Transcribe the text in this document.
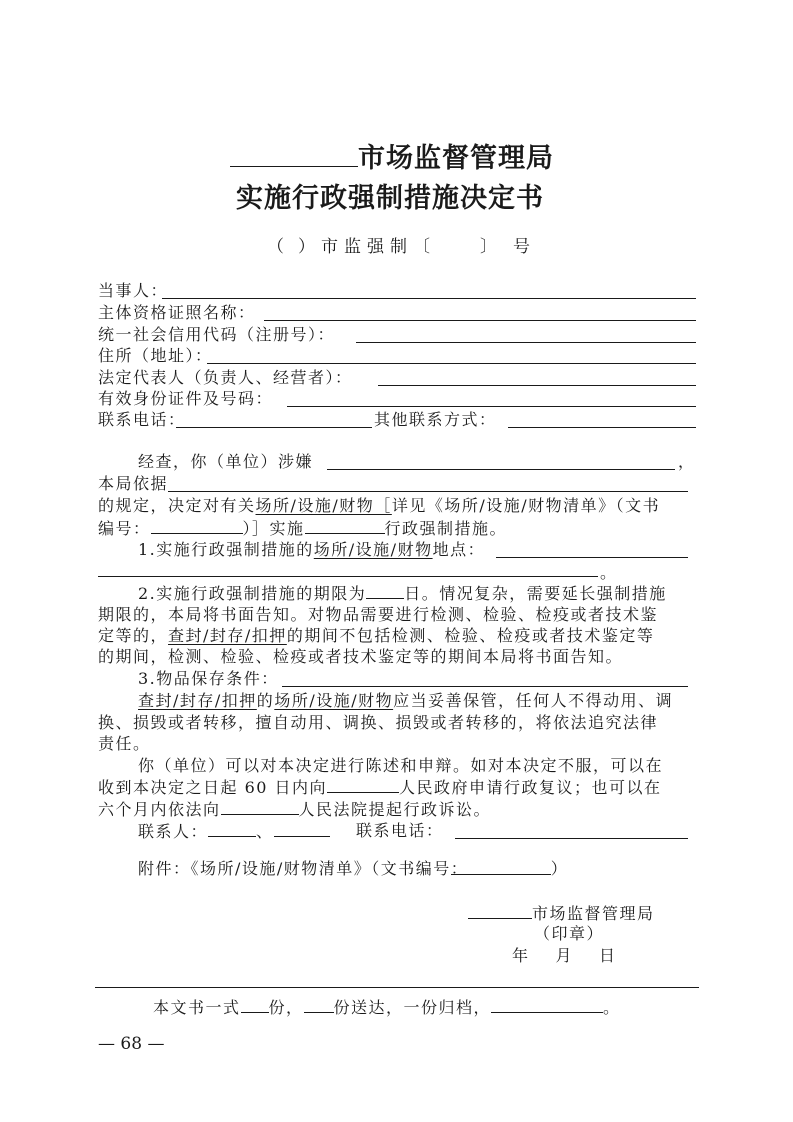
市场监督管理局
实施行政强制措施决定书
（ ）市监强制〔	〕 号
当事人：
主体资格证照名称：
统一社会信用代码（注册号）：
住所（地址）：
法定代表人（负责人、经营者）：
有效身份证件及号码：
联系电话：	其他联系方式：
经查，你（单位）涉嫌	，
本局依据
的规定，决定对有关场所/设施/财物［详见《场所/设施/财物清单》（文书
编号：	）］实施	行政强制措施。
1.实施行政强制措施的场所/设施/财物地点：
。
2.实施行政强制措施的期限为 日。情况复杂，需要延长强制措施
期限的，本局将书面告知。对物品需要进行检测、检验、检疫或者技术鉴
定等的，查封/封存/扣押的期间不包括检测、检验、检疫或者技术鉴定等
的期间，检测、检验、检疫或者技术鉴定等的期间本局将书面告知。
3.物品保存条件：
查封/封存/扣押的场所/设施/财物应当妥善保管，任何人不得动用、调
换、损毁或者转移，擅自动用、调换、损毁或者转移的，将依法追究法律
责任。
你（单位）可以对本决定进行陈述和申辩。如对本决定不服，可以在
收到本决定之日起 60 日内向	人民政府申请行政复议；也可以在
六个月内依法向	人民法院提起行政诉讼。
联系人：	、	联系电话：
附件：《场所/设施/财物清单》（文书编号：	）
市场监督管理局
（印章）
年 月 日
本文书一式 份， 份送达，一份归档，	。
— 68 —
